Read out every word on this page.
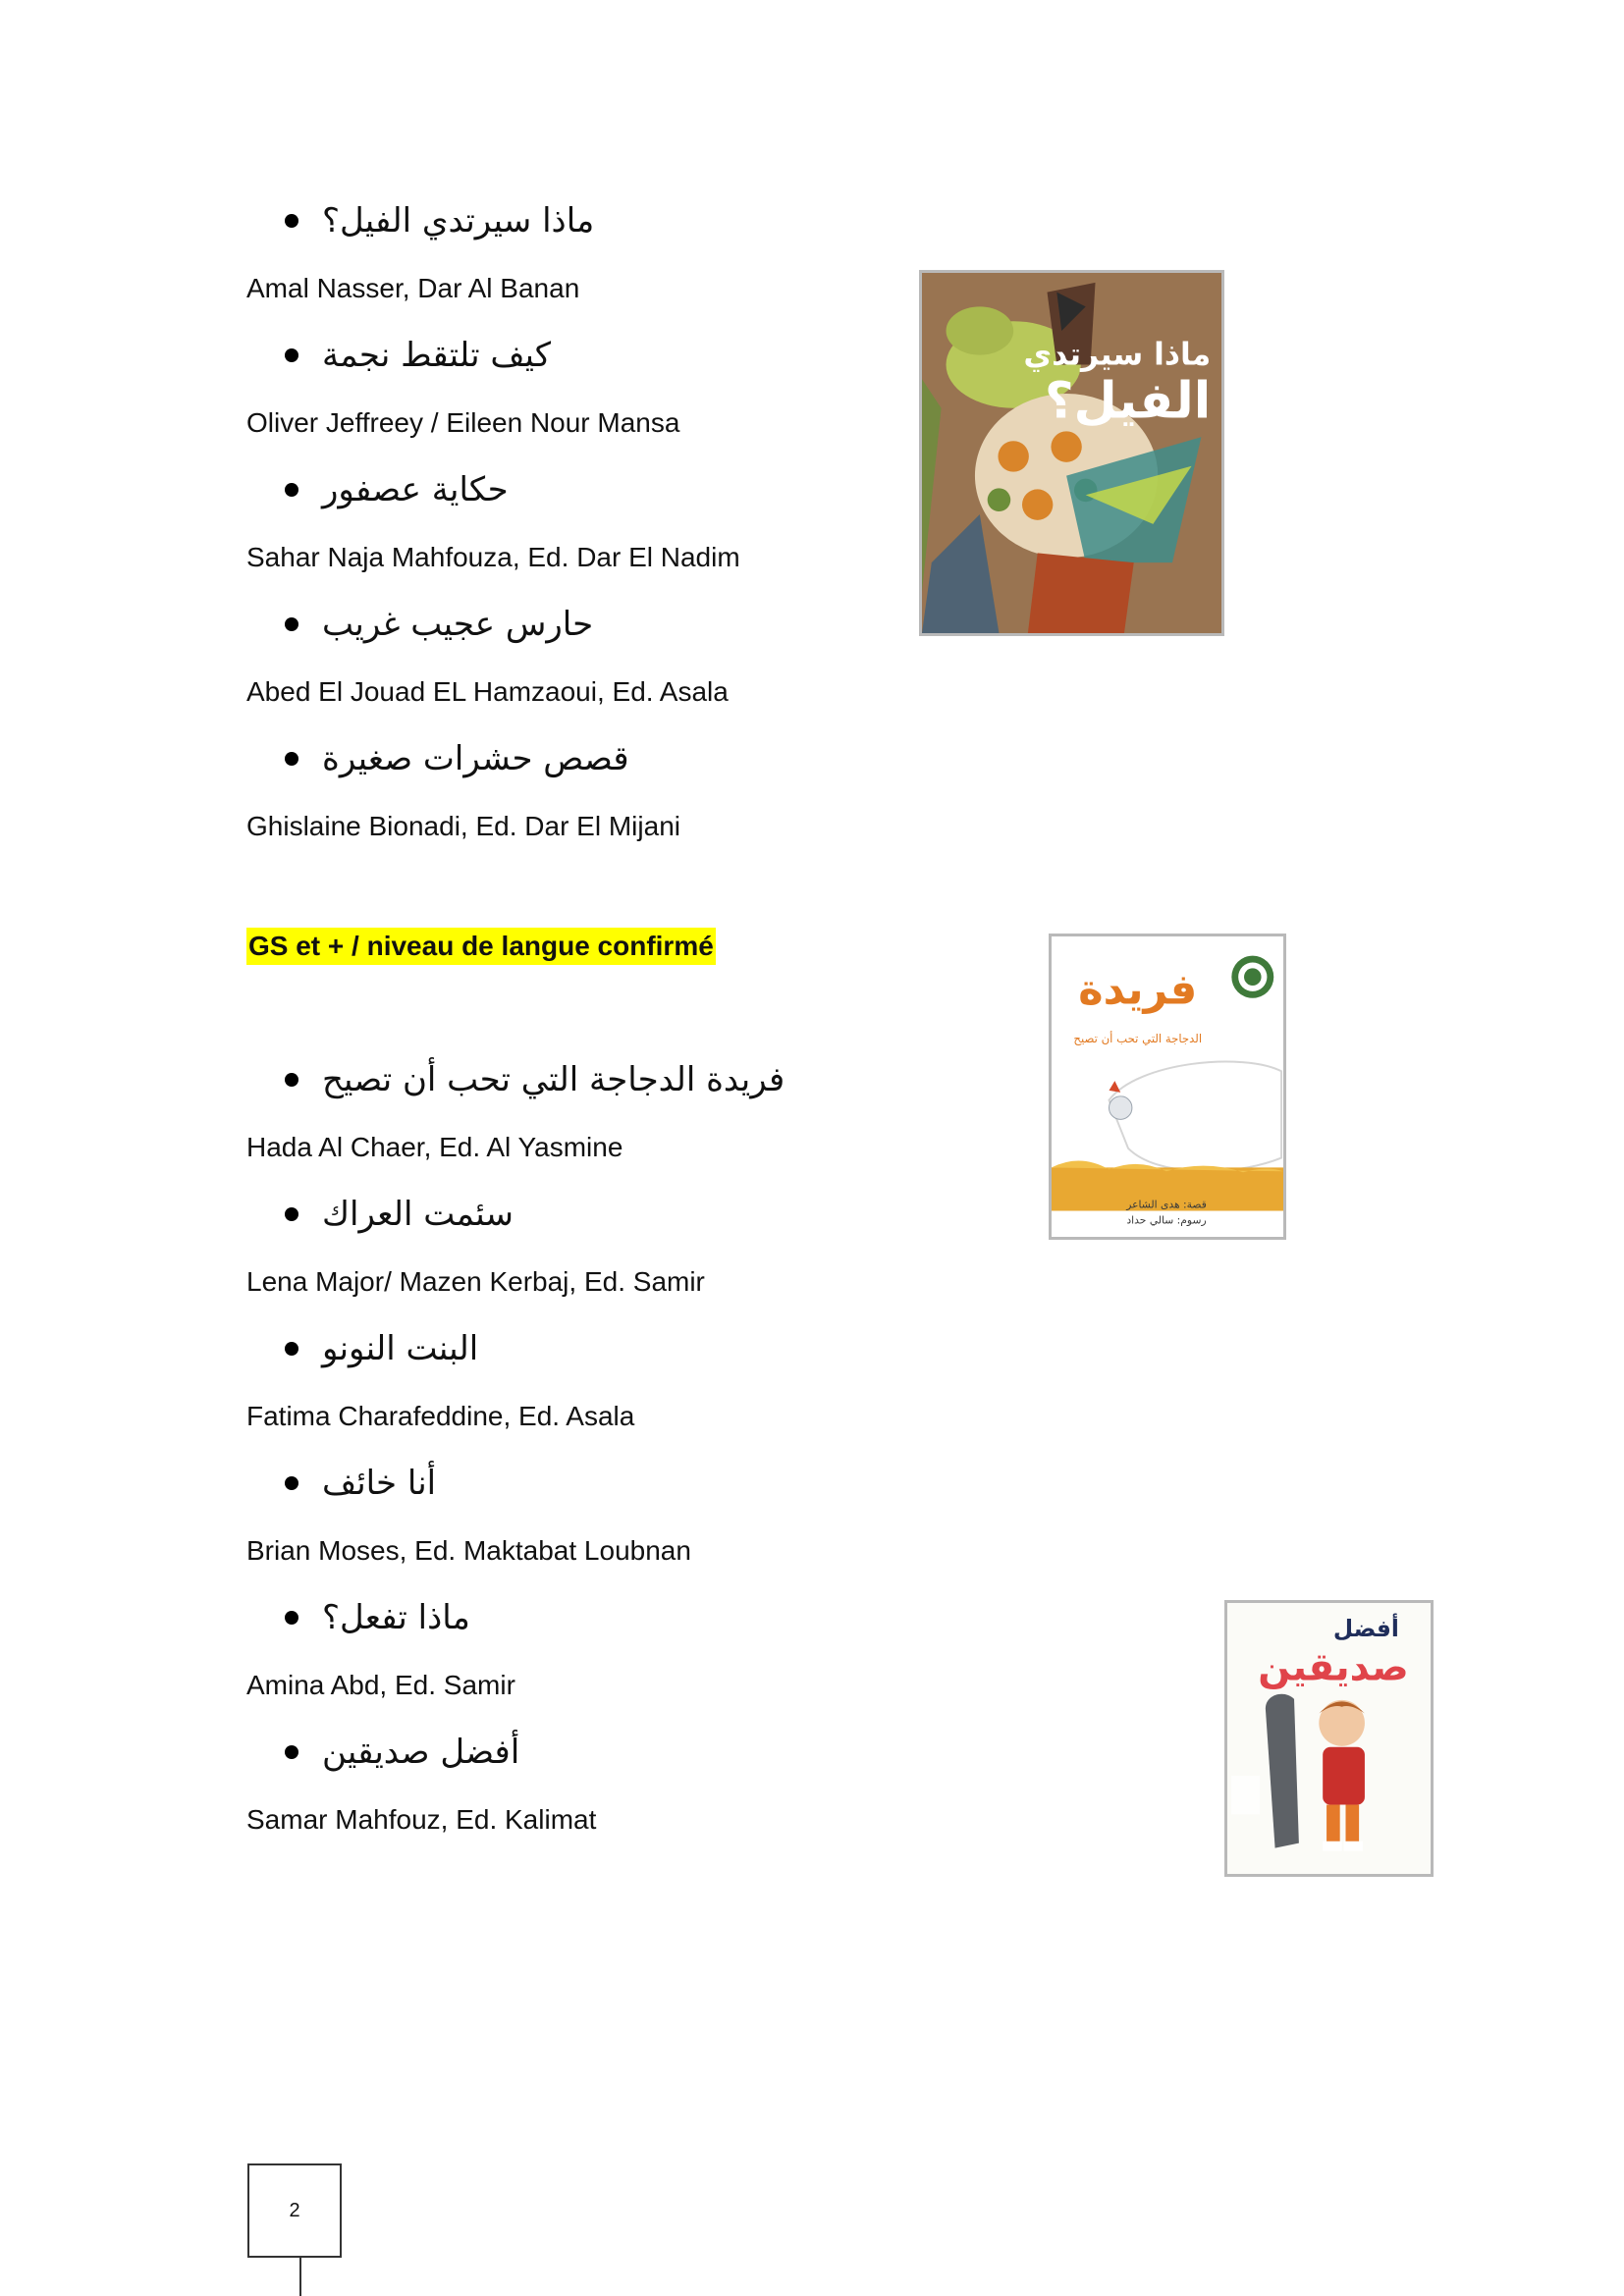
ماذا سيرتدي الفيل؟
Amal Nasser, Dar Al Banan
كيف تلتقط نجمة
Oliver Jeffreey / Eileen Nour Mansa
حكاية عصفور
Sahar Naja Mahfouza, Ed. Dar El Nadim
حارس عجيب غريب
Abed El Jouad EL Hamzaoui, Ed. Asala
قصص حشرات صغيرة
Ghislaine Bionadi, Ed. Dar El Mijani
GS et + / niveau de langue confirmé
فريدة الدجاجة التي تحب أن تصيح
Hada Al Chaer, Ed. Al Yasmine
سئمت العراك
Lena Major/ Mazen Kerbaj, Ed. Samir
البنت النونو
Fatima Charafeddine, Ed. Asala
أنا خائف
Brian Moses, Ed. Maktabat Loubnan
ماذا تفعل؟
Amina Abd, Ed. Samir
أفضل صديقين
Samar Mahfouz, Ed. Kalimat
ماذا سيرتدي
الفيل؟
فريدة
الدجاجة التي تحب أن تصيح
قصة: هدى الشاعر
رسوم: سالي حداد
أفضل
صديقين
2
